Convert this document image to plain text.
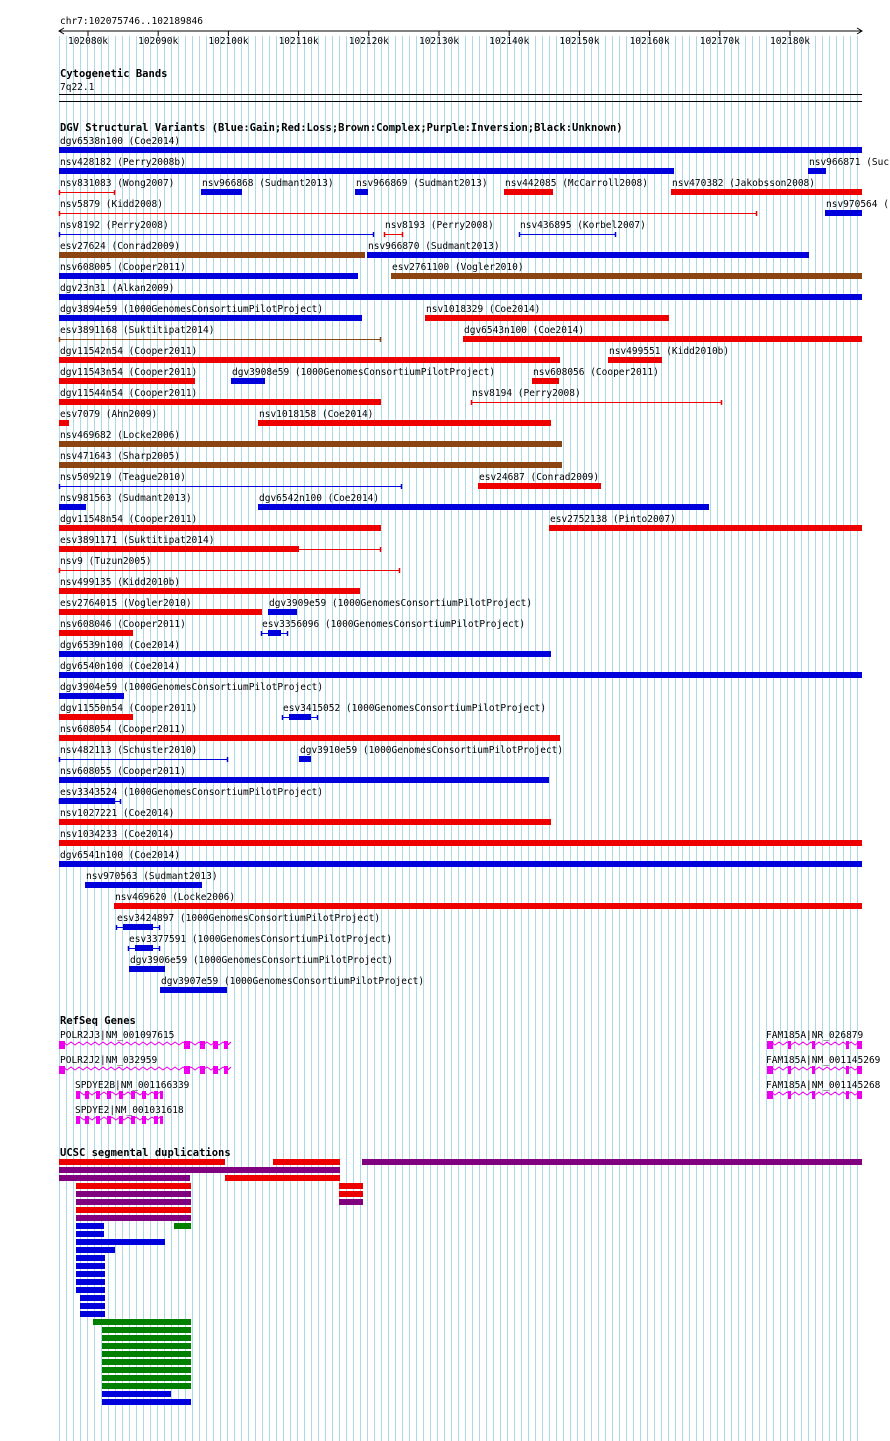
chr7:102075746..102189846
102080k	102090k	102100k	102110k	102120k	102130k	102140k	102150k	102160k	102170k	102180k
Cytogenetic Bands
7q22.1
DGV Structural Variants (Blue:Gain;Red:Loss;Brown:Complex;Purple:Inversion;Black:Unknown)
dgv6538n100 (Coe2014)
nsv428182 (Perry2008b)	nsv966871 (Suc
nsv831083 (Wong2007)	nsv966868 (Sudmant2013) nsv966869 (Sudmant2013) nsv442085 (McCarroll2008)	nsv470382 (Jakobsson2008)
nsv5879 (Kidd2008)	nsv970564 (
nsv8192 (Perry2008)	nsv8193 (Perry2008)	nsv436895 (Korbel2007)
esv27624 (Conrad2009)	nsv966870 (Sudmant2013)
nsv608005 (Cooper2011)	esv2761100 (Vogler2010)
dgv23n31 (Alkan2009)
dgv3894e59 (1000GenomesConsortiumPilotProject)	nsv1018329 (Coe2014)
esv3891168 (Suktitipat2014)	dgv6543n100 (Coe2014)
dgv11542n54 (Cooper2011)	nsv499551 (Kidd2010b)
dgv11543n54 (Cooper2011)	dgv3908e59 (1000GenomesConsortiumPilotProject)	nsv608056 (Cooper2011)
dgv11544n54 (Cooper2011)	nsv8194 (Perry2008)
esv7079 (Ahn2009)	nsv1018158 (Coe2014)
nsv469682 (Locke2006)
nsv471643 (Sharp2005)
nsv509219 (Teague2010)	esv24687 (Conrad2009)
nsv981563 (Sudmant2013)	dgv6542n100 (Coe2014)
dgv11548n54 (Cooper2011)	esv2752138 (Pinto2007)
esv3891171 (Suktitipat2014)
nsv9 (Tuzun2005)
nsv499135 (Kidd2010b)
esv2764015 (Vogler2010)	dgv3909e59 (1000GenomesConsortiumPilotProject)
nsv608046 (Cooper2011)	esv3356096 (1000GenomesConsortiumPilotProject)
dgv6539n100 (Coe2014)
dgv6540n100 (Coe2014)
dgv3904e59 (1000GenomesConsortiumPilotProject)
dgv11550n54 (Cooper2011)	esv3415052 (1000GenomesConsortiumPilotProject)
nsv608054 (Cooper2011)
nsv482113 (Schuster2010)	dgv3910e59 (1000GenomesConsortiumPilotProject)
nsv608055 (Cooper2011)
esv3343524 (1000GenomesConsortiumPilotProject)
nsv1027221 (Coe2014)
nsv1034233 (Coe2014)
dgv6541n100 (Coe2014)
nsv970563 (Sudmant2013)
nsv469620 (Locke2006)
esv3424897 (1000GenomesConsortiumPilotProject)
esv3377591 (1000GenomesConsortiumPilotProject)
dgv3906e59 (1000GenomesConsortiumPilotProject)
dgv3907e59 (1000GenomesConsortiumPilotProject)
RefSeq Genes
POLR2J3|NM_001097615
POLR2J2|NM_032959
SPDYE2B|NM_001166339
SPDYE2|NM_001031618
FAM185A|NR_026879
FAM185A|NM_001145269
FAM185A|NM_001145268
UCSC segmental duplications
